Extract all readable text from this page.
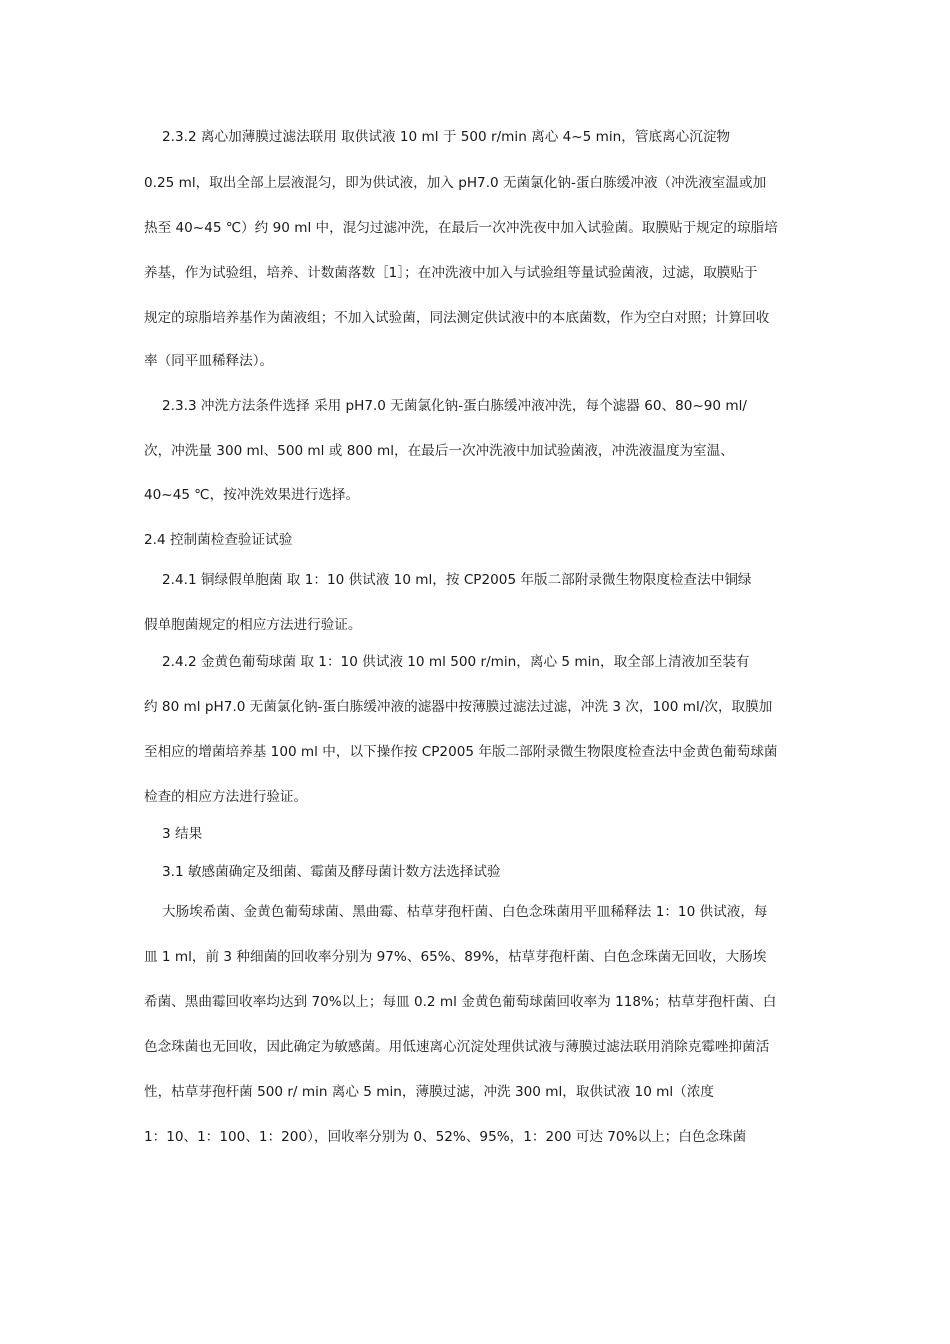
2.3.2 离心加薄膜过滤法联用 取供试液 10 ml 于 500 r/min 离心 4~5 min，管底离心沉淀物
0.25 ml，取出全部上层液混匀，即为供试液，加入 pH7.0 无菌氯化钠-蛋白胨缓冲液（冲洗液室温或加
热至 40~45 ℃）约 90 ml 中，混匀过滤冲洗，在最后一次冲洗夜中加入试验菌。取膜贴于规定的琼脂培
养基，作为试验组，培养、计数菌落数［1］；在冲洗液中加入与试验组等量试验菌液，过滤，取膜贴于
规定的琼脂培养基作为菌液组；不加入试验菌，同法测定供试液中的本底菌数，作为空白对照；计算回收
率（同平皿稀释法）。
2.3.3 冲洗方法条件选择 采用 pH7.0 无菌氯化钠-蛋白胨缓冲液冲洗，每个滤器 60、80~90 ml/
次，冲洗量 300 ml、500 ml 或 800 ml，在最后一次冲洗液中加试验菌液，冲洗液温度为室温、
40~45 ℃，按冲洗效果进行选择。
2.4 控制菌检查验证试验
2.4.1 铜绿假单胞菌 取 1：10 供试液 10 ml，按 CP2005 年版二部附录微生物限度检查法中铜绿
假单胞菌规定的相应方法进行验证。
2.4.2 金黄色葡萄球菌 取 1：10 供试液 10 ml 500 r/min，离心 5 min，取全部上清液加至装有
约 80 ml pH7.0 无菌氯化钠-蛋白胨缓冲液的滤器中按薄膜过滤法过滤，冲洗 3 次，100 ml/次，取膜加
至相应的增菌培养基 100 ml 中，以下操作按 CP2005 年版二部附录微生物限度检查法中金黄色葡萄球菌
检查的相应方法进行验证。
3 结果
3.1 敏感菌确定及细菌、霉菌及酵母菌计数方法选择试验
大肠埃希菌、金黄色葡萄球菌、黑曲霉、枯草芽孢杆菌、白色念珠菌用平皿稀释法 1：10 供试液，每
皿 1 ml，前 3 种细菌的回收率分别为 97%、65%、89%，枯草芽孢杆菌、白色念珠菌无回收，大肠埃
希菌、黑曲霉回收率均达到 70%以上；每皿 0.2 ml 金黄色葡萄球菌回收率为 118%；枯草芽孢杆菌、白
色念珠菌也无回收，因此确定为敏感菌。用低速离心沉淀处理供试液与薄膜过滤法联用消除克霉唑抑菌活
性，枯草芽孢杆菌 500 r/ min 离心 5 min，薄膜过滤，冲洗 300 ml，取供试液 10 ml（浓度
1：10、1：100、1：200），回收率分别为 0、52%、95%，1：200 可达 70%以上；白色念珠菌
